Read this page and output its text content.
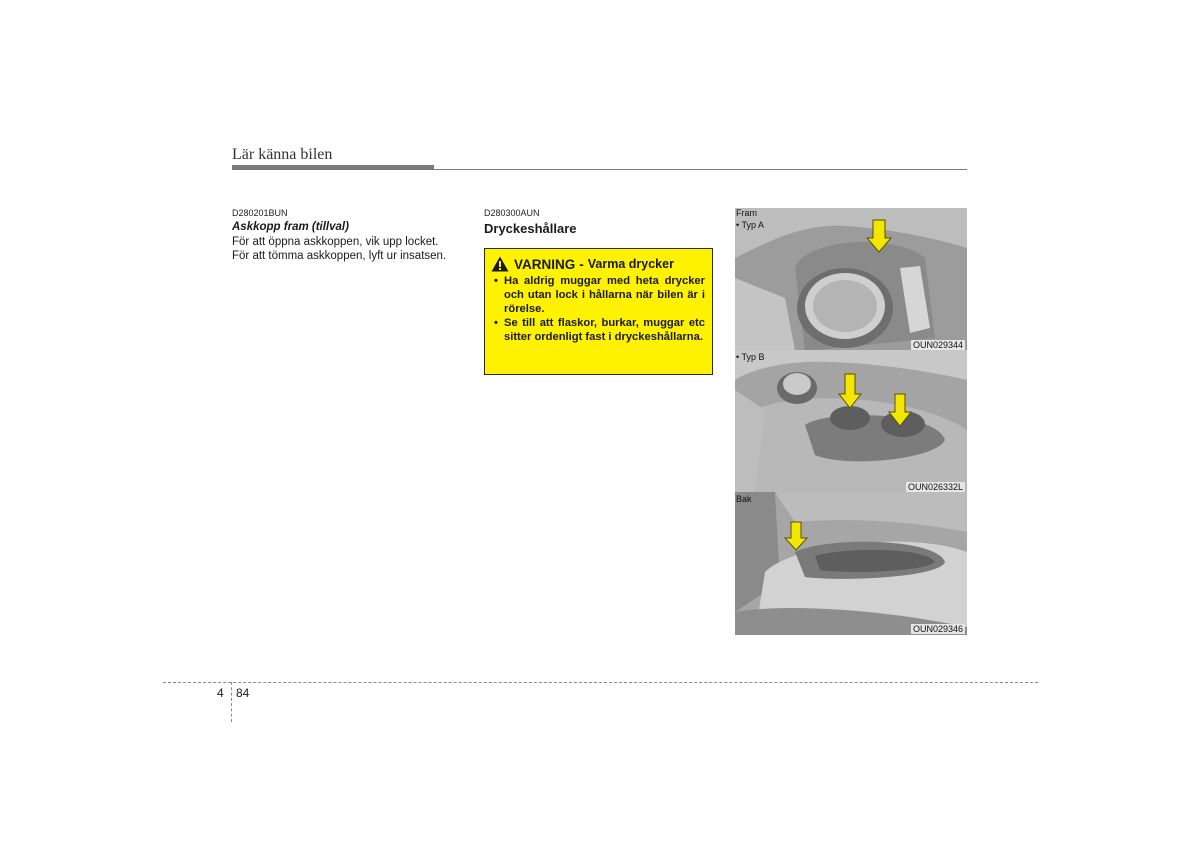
Lär känna bilen
D280201BUN
Askkopp fram (tillval)
För att öppna askkoppen, vik upp locket.
För att tömma askkoppen, lyft ur insatsen.
D280300AUN
Dryckeshållare
VARNING - Varma drycker
• Ha aldrig muggar med heta drycker och utan lock i hållarna när bilen är i rörelse.
• Se till att flaskor, burkar, muggar etc sitter ordenligt fast i dryckeshållarna.
Fram
• Typ A
OUN029344
• Typ B
OUN026332L
Bak
OUN029346
4 84
